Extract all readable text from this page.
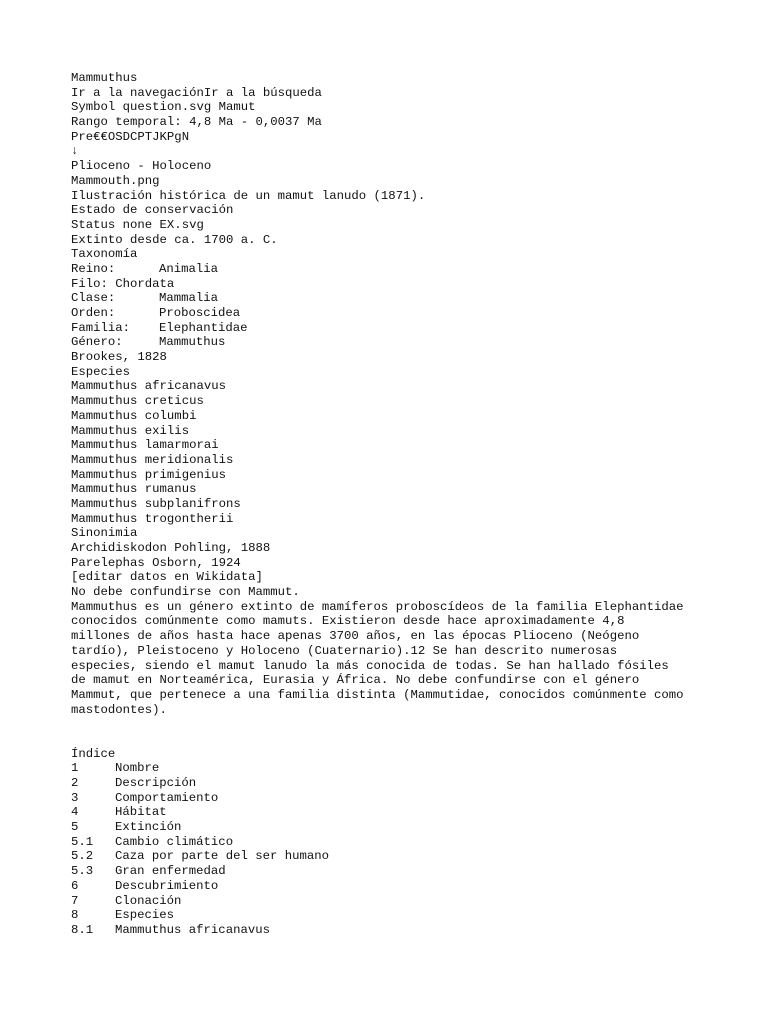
Mammuthus
Ir a la navegaciónIr a la búsqueda
Symbol question.svg Mamut
Rango temporal: 4,8 Ma - 0,0037 Ma
Pre€€OSDCPTJKPgN
↓
Plioceno - Holoceno
Mammouth.png
Ilustración histórica de un mamut lanudo (1871).
Estado de conservación
Status none EX.svg
Extinto desde ca. 1700 a. C.
Taxonomía
Reino:	Animalia
Filo: Chordata
Clase:	Mammalia
Orden:	Proboscidea
Familia:	Elephantidae
Género:	Mammuthus
Brookes, 1828
Especies
Mammuthus africanavus
Mammuthus creticus
Mammuthus columbi
Mammuthus exilis
Mammuthus lamarmorai
Mammuthus meridionalis
Mammuthus primigenius
Mammuthus rumanus
Mammuthus subplanifrons
Mammuthus trogontherii
Sinonimia
Archidiskodon Pohling, 1888
Parelephas Osborn, 1924
[editar datos en Wikidata]
No debe confundirse con Mammut.
Mammuthus es un género extinto de mamíferos proboscídeos de la familia Elephantidae
conocidos comúnmente como mamuts. Existieron desde hace aproximadamente 4,8
millones de años hasta hace apenas 3700 años, en las épocas Plioceno (Neógeno
tardío), Pleistoceno y Holoceno (Cuaternario).12 Se han descrito numerosas
especies, siendo el mamut lanudo la más conocida de todas. Se han hallado fósiles
de mamut en Norteamérica, Eurasia y África. No debe confundirse con el género
Mammut, que pertenece a una familia distinta (Mammutidae, conocidos comúnmente como
mastodontes).
Índice
1	Nombre
2	Descripción
3	Comportamiento
4	Hábitat
5	Extinción
5.1	Cambio climático
5.2	Caza por parte del ser humano
5.3	Gran enfermedad
6	Descubrimiento
7	Clonación
8	Especies
8.1	Mammuthus africanavus
